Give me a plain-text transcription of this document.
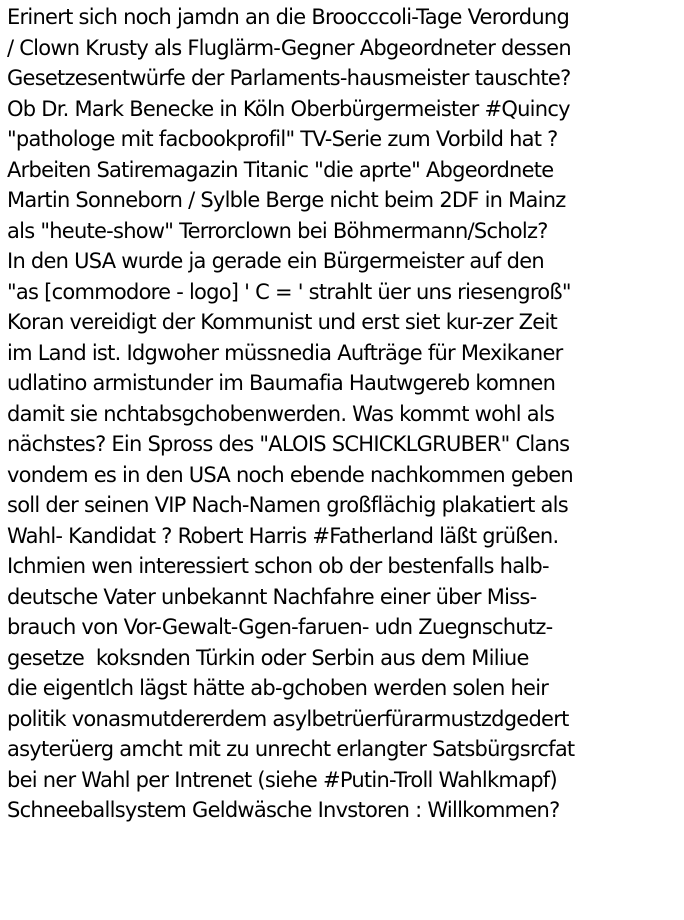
Erinert sich noch jamdn an die Broocccoli-Tage Verordung
/ Clown Krusty als Fluglärm-Gegner Abgeordneter dessen
Gesetzesentwürfe der Parlaments-hausmeister tauschte?
Ob Dr. Mark Benecke in Köln Oberbürgermeister #Quincy
"pathologe mit facbookprofil" TV-Serie zum Vorbild hat ?
Arbeiten Satiremagazin Titanic "die aprte" Abgeordnete
Martin Sonneborn / Sylble Berge nicht beim 2DF in Mainz
als "heute-show" Terrorclown bei Böhmermann/Scholz?
In den USA wurde ja gerade ein Bürgermeister auf den
"as [commodore - logo] ' C = ' strahlt üer uns riesengroß"
Koran vereidigt der Kommunist und erst siet kur-zer Zeit
im Land ist. Idgwoher müssnedia Aufträge für Mexikaner
udlatino armistunder im Baumafia Hautwgereb komnen
damit sie nchtabsgchobenwerden. Was kommt wohl als
nächstes? Ein Spross des "ALOIS SCHICKLGRUBER" Clans
vondem es in den USA noch ebende nachkommen geben
soll der seinen VIP Nach-Namen großflächig plakatiert als
Wahl- Kandidat ? Robert Harris #Fatherland läßt grüßen.
Ichmien wen interessiert schon ob der bestenfalls halb-
deutsche Vater unbekannt Nachfahre einer über Miss-
brauch von Vor-Gewalt-Ggen-faruen- udn Zuegnschutz-
gesetze  koksnden Türkin oder Serbin aus dem Miliue
die eigentlch lägst hätte ab-gchoben werden solen heir
politik vonasmutdererdem asylbetrüerfürarmustzdgedert
asyterüerg amcht mit zu unrecht erlangter Satsbürgsrcfat
bei ner Wahl per Intrenet (siehe #Putin-Troll Wahlkmapf)
Schneeballsystem Geldwäsche Invstoren : Willkommen?
